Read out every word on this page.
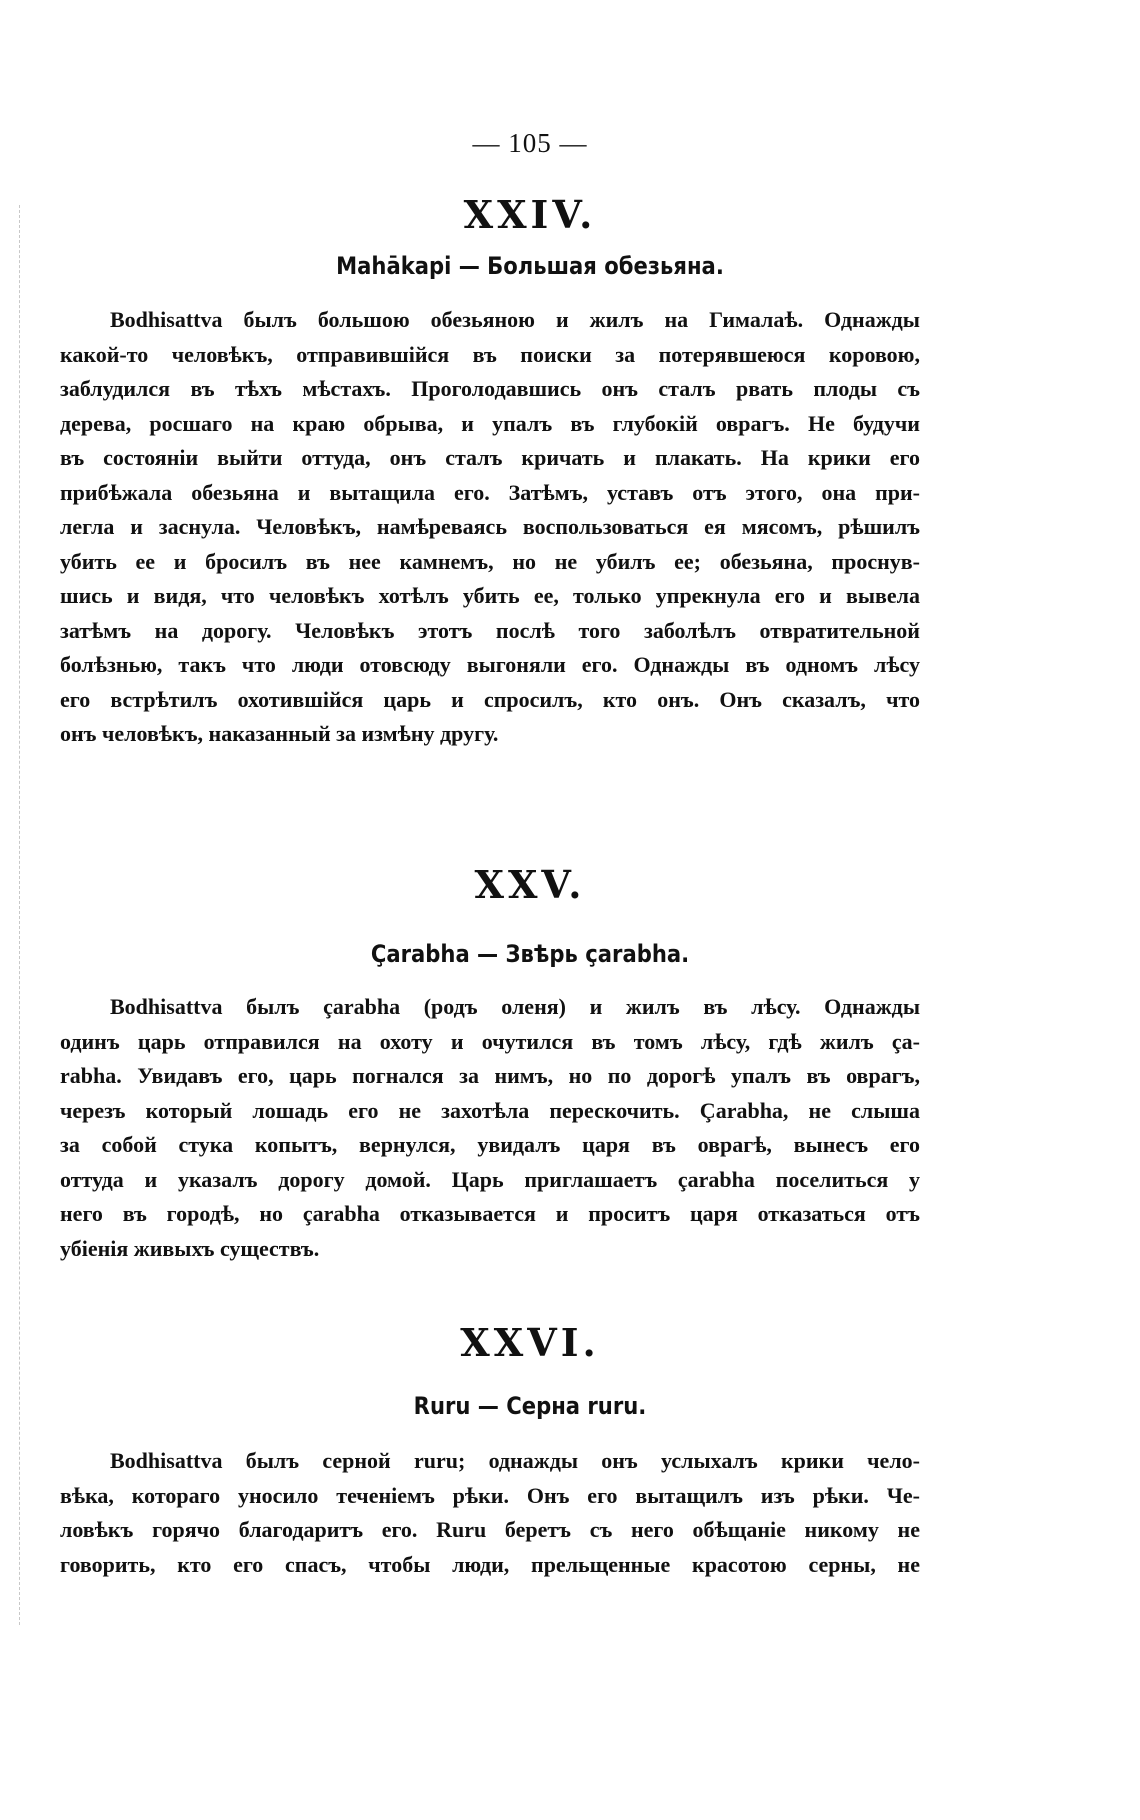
— 105 —
XXIV.
Mahākapi — Большая обезьяна.
Bodhisattva былъ большою обезьяною и жилъ на Гималаѣ. Однажды
какой-то человѣкъ, отправившійся въ поиски за потерявшеюся коровою,
заблудился въ тѣхъ мѣстахъ. Проголодавшись онъ сталъ рвать плоды съ
дерева, росшаго на краю обрыва, и упалъ въ глубокій оврагъ. Не будучи
въ состояніи выйти оттуда, онъ сталъ кричать и плакать. На крики его
прибѣжала обезьяна и вытащила его. Затѣмъ, уставъ отъ этого, она при-
легла и заснула. Человѣкъ, намѣреваясь воспользоваться ея мясомъ, рѣшилъ
убить ее и бросилъ въ нее камнемъ, но не убилъ ее; обезьяна, проснув-
шись и видя, что человѣкъ хотѣлъ убить ее, только упрекнула его и вывела
затѣмъ на дорогу. Человѣкъ этотъ послѣ того заболѣлъ отвратительной
болѣзнью, такъ что люди отовсюду выгоняли его. Однажды въ одномъ лѣсу
его встрѣтилъ охотившійся царь и спросилъ, кто онъ. Онъ сказалъ, что
онъ человѣкъ, наказанный за измѣну другу.
XXV.
Çarabha — Звѣрь çarabha.
Bodhisattva былъ çarabha (родъ оленя) и жилъ въ лѣсу. Однажды
одинъ царь отправился на охоту и очутился въ томъ лѣсу, гдѣ жилъ ça-
rabha. Увидавъ его, царь погнался за нимъ, но по дорогѣ упалъ въ оврагъ,
черезъ который лошадь его не захотѣла перескочить. Çarabha, не слыша
за собой стука копытъ, вернулся, увидалъ царя въ оврагѣ, вынесъ его
оттуда и указалъ дорогу домой. Царь приглашаетъ çarabha поселиться у
него въ городѣ, но çarabha отказывается и проситъ царя отказаться отъ
убіенія живыхъ существъ.
XXVI.
Ruru — Серна ruru.
Bodhisattva былъ серной ruru; однажды онъ услыхалъ крики чело-
вѣка, котораго уносило теченіемъ рѣки. Онъ его вытащилъ изъ рѣки. Че-
ловѣкъ горячо благодаритъ его. Ruru беретъ съ него обѣщаніе никому не
говорить, кто его спасъ, чтобы люди, прельщенные красотою серны, не
